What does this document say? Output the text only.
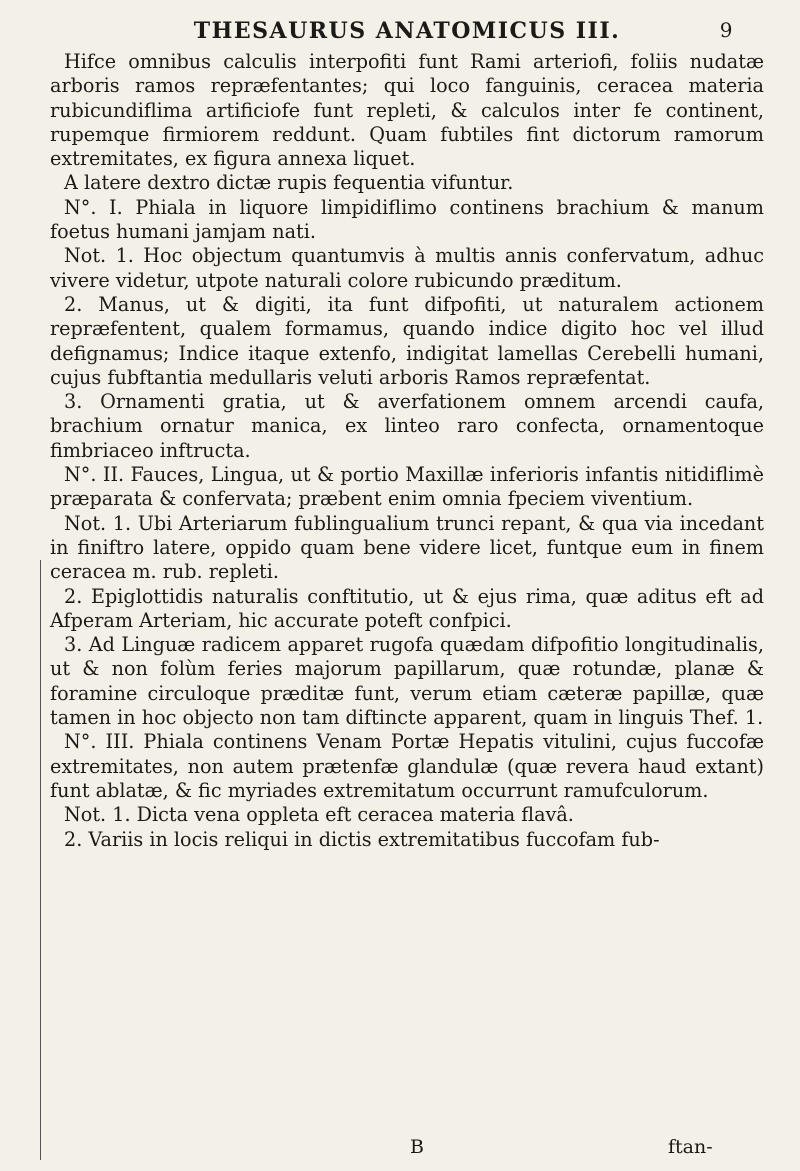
THESAURUS ANATOMICUS III.	9

Hifce omnibus calculis interpofiti funt Rami arteriofi, foliis nudatæ arboris ramos repræfentantes; qui loco fanguinis, ceracea materia rubicundiflima artificiofe funt repleti, & calculos inter fe continent, rupemque firmiorem reddunt. Quam fubtiles fint dictorum ramorum extremitates, ex figura annexa liquet.

A latere dextro dictæ rupis fequentia vifuntur.

N°. I. Phiala in liquore limpidiflimo continens brachium & manum foetus humani jamjam nati.

Not. 1. Hoc objectum quantumvis à multis annis confervatum, adhuc vivere videtur, utpote naturali colore rubicundo præditum.

2. Manus, ut & digiti, ita funt difpofiti, ut naturalem actionem repræfentent, qualem formamus, quando indice digito hoc vel illud defignamus; Indice itaque extenfo, indigitat lamellas Cerebelli humani, cujus fubftantia medullaris veluti arboris Ramos repræfentat.

3. Ornamenti gratia, ut & averfationem omnem arcendi caufa, brachium ornatur manica, ex linteo raro confecta, ornamentoque fimbriaceo inftructa.

N°. II. Fauces, Lingua, ut & portio Maxillæ inferioris infantis nitidiflimè præparata & confervata; præbent enim omnia fpeciem viventium.

Not. 1. Ubi Arteriarum fublingualium trunci repant, & qua via incedant in finiftro latere, oppido quam bene videre licet, funtque eum in finem ceracea m. rub. repleti.

2. Epiglottidis naturalis conftitutio, ut & ejus rima, quæ aditus eft ad Afperam Arteriam, hic accurate poteft confpici.

3. Ad Linguæ radicem apparet rugofa quædam difpofitio longitudinalis, ut & non folùm feries majorum papillarum, quæ rotundæ, planæ & foramine circuloque præditæ funt, verum etiam cæteræ papillæ, quæ tamen in hoc objecto non tam diftincte apparent, quam in linguis Thef. 1.

N°. III. Phiala continens Venam Portæ Hepatis vitulini, cujus fuccofæ extremitates, non autem prætenfæ glandulæ (quæ revera haud extant) funt ablatæ, & fic myriades extremitatum occurrunt ramufculorum.

Not. 1. Dicta vena oppleta eft ceracea materia flavâ.

2. Variis in locis reliqui in dictis extremitatibus fuccofam fub-

B	ftan-
